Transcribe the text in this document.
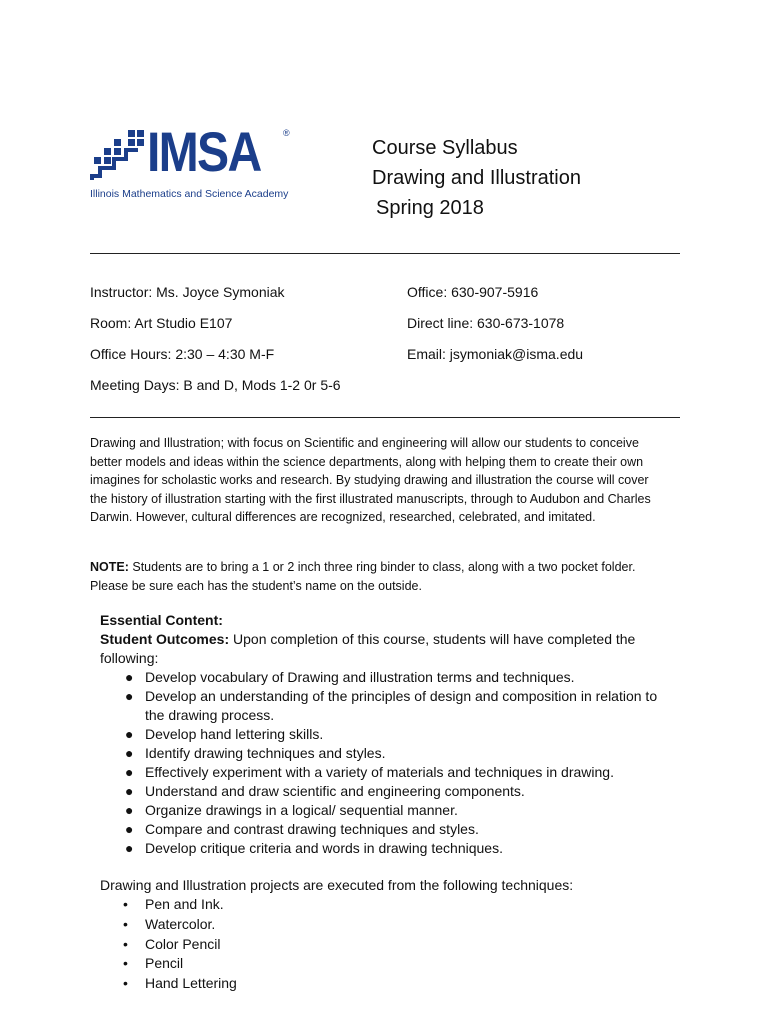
IMSA ®
Illinois Mathematics and Science Academy
Course Syllabus
Drawing and Illustration
Spring 2018
Instructor: Ms. Joyce Symoniak	Office: 630-907-5916
Room: Art Studio E107	Direct line: 630-673-1078
Office Hours: 2:30 – 4:30 M-F	Email: jsymoniak@isma.edu
Meeting Days: B and D, Mods 1-2 0r 5-6
Drawing and Illustration; with focus on Scientific and engineering will allow our students to conceive
better models and ideas within the science departments, along with helping them to create their own
imagines for scholastic works and research. By studying drawing and illustration the course will cover
the history of illustration starting with the first illustrated manuscripts, through to Audubon and Charles
Darwin. However, cultural differences are recognized, researched, celebrated, and imitated.
NOTE: Students are to bring a 1 or 2 inch three ring binder to class, along with a two pocket folder.
Please be sure each has the student’s name on the outside.
Essential Content:
Student Outcomes: Upon completion of this course, students will have completed the
following:
● Develop vocabulary of Drawing and illustration terms and techniques.
● Develop an understanding of the principles of design and composition in relation to
the drawing process.
● Develop hand lettering skills.
● Identify drawing techniques and styles.
● Effectively experiment with a variety of materials and techniques in drawing.
● Understand and draw scientific and engineering components.
● Organize drawings in a logical/ sequential manner.
● Compare and contrast drawing techniques and styles.
● Develop critique criteria and words in drawing techniques.
Drawing and Illustration projects are executed from the following techniques:
• Pen and Ink.
• Watercolor.
• Color Pencil
• Pencil
• Hand Lettering
